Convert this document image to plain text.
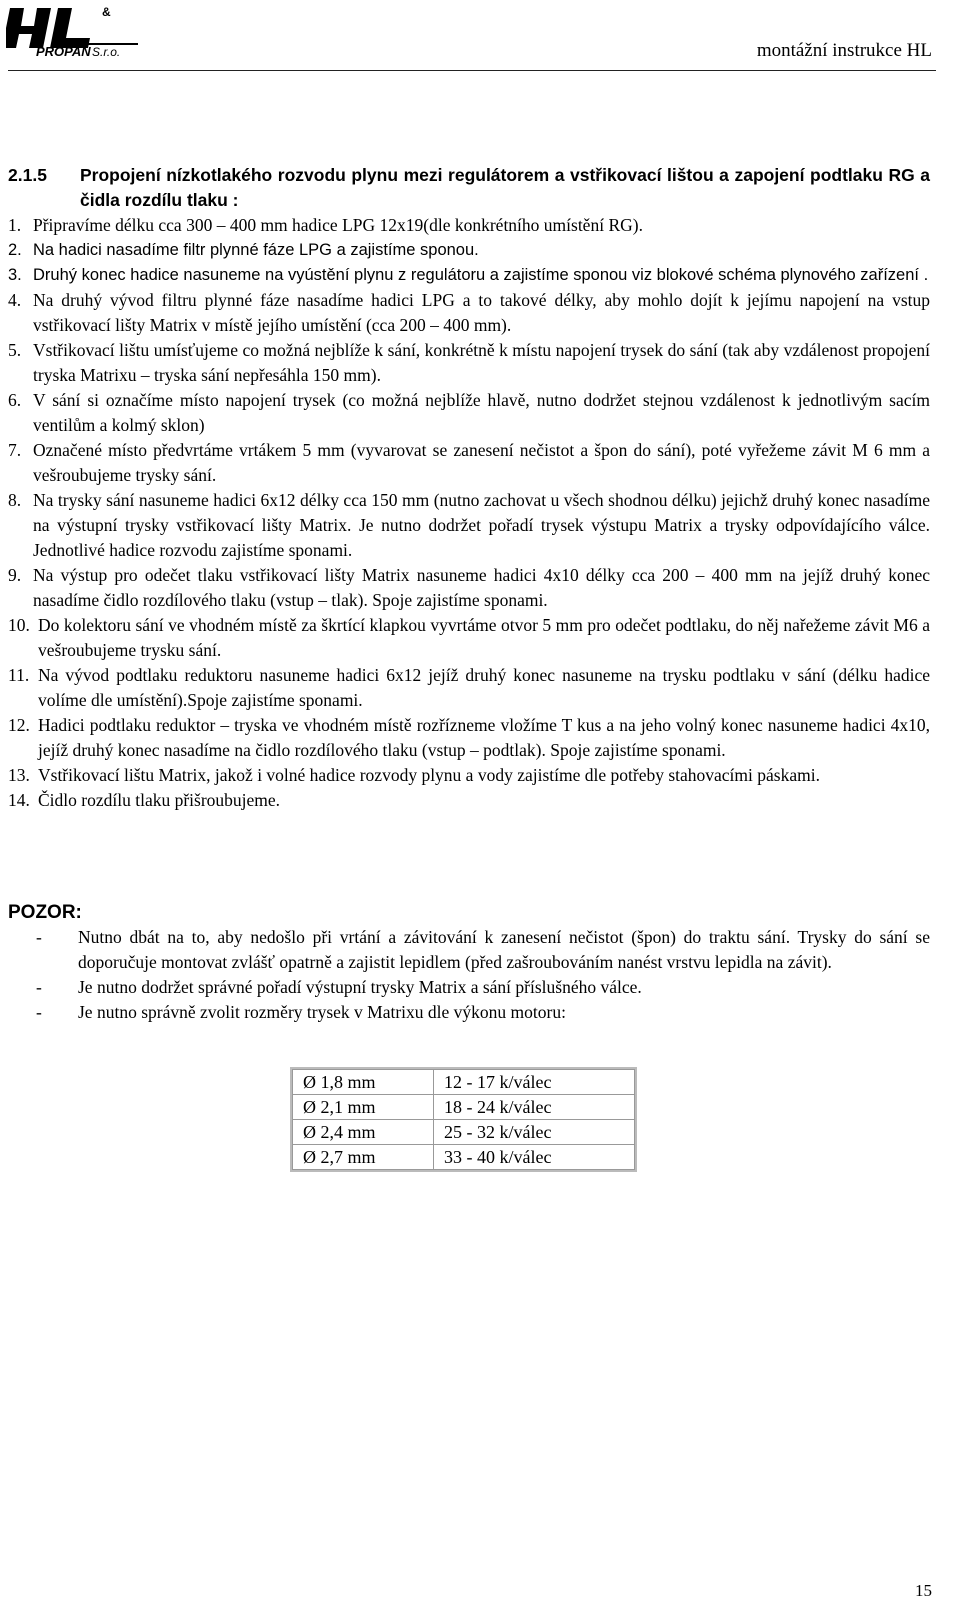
&
PROPAN S.r.o.	montážní instrukce HL
2.1.5 Propojení nízkotlakého rozvodu plynu mezi regulátorem a vstřikovací lištou a zapojení podtlaku RG a čidla rozdílu tlaku :
1. Připravíme délku cca 300 – 400 mm hadice LPG 12x19(dle konkrétního umístění RG).
2. Na hadici nasadíme filtr plynné fáze LPG a zajistíme sponou.
3. Druhý konec hadice nasuneme na vyústění plynu z regulátoru a zajistíme sponou viz blokové schéma plynového zařízení .
4. Na druhý vývod filtru plynné fáze nasadíme hadici LPG a to takové délky, aby mohlo dojít k jejímu napojení na vstup vstřikovací lišty Matrix v místě jejího umístění (cca 200 – 400 mm).
5. Vstřikovací lištu umísťujeme co možná nejblíže k sání, konkrétně k místu napojení trysek do sání (tak aby vzdálenost propojení tryska Matrixu – tryska sání nepřesáhla 150 mm).
6. V sání si označíme místo napojení trysek (co možná nejblíže hlavě, nutno dodržet stejnou vzdálenost k jednotlivým sacím ventilům a kolmý sklon)
7. Označené místo předvrtáme vrtákem 5 mm (vyvarovat se zanesení nečistot a špon do sání), poté vyřežeme závit M 6 mm a vešroubujeme trysky sání.
8. Na trysky sání nasuneme hadici 6x12 délky cca 150 mm (nutno zachovat u všech shodnou délku) jejichž druhý konec nasadíme na výstupní trysky vstřikovací lišty Matrix. Je nutno dodržet pořadí trysek výstupu Matrix a trysky odpovídajícího válce. Jednotlivé hadice rozvodu zajistíme sponami.
9. Na výstup pro odečet tlaku vstřikovací lišty Matrix nasuneme hadici 4x10 délky cca 200 – 400 mm na jejíž druhý konec nasadíme čidlo rozdílového tlaku (vstup – tlak). Spoje zajistíme sponami.
10. Do kolektoru sání ve vhodném místě za škrtící klapkou vyvrtáme otvor 5 mm pro odečet podtlaku, do něj nařežeme závit M6 a vešroubujeme trysku sání.
11. Na vývod podtlaku reduktoru nasuneme hadici 6x12 jejíž druhý konec nasuneme na trysku podtlaku v sání (délku hadice volíme dle umístění).Spoje zajistíme sponami.
12. Hadici podtlaku reduktor – tryska ve vhodném místě rozřízneme vložíme T kus a na jeho volný konec nasuneme hadici 4x10, jejíž druhý konec nasadíme na čidlo rozdílového tlaku (vstup – podtlak). Spoje zajistíme sponami.
13. Vstřikovací lištu Matrix, jakož i volné hadice rozvody plynu a vody zajistíme dle potřeby stahovacími páskami.
14. Čidlo rozdílu tlaku přišroubujeme.
POZOR:
-	Nutno dbát na to, aby nedošlo při vrtání a závitování k zanesení nečistot (špon) do traktu sání. Trysky do sání se doporučuje montovat zvlášť opatrně a zajistit lepidlem (před zašroubováním nanést vrstvu lepidla na závit).
-	Je nutno dodržet správné pořadí výstupní trysky Matrix a sání příslušného válce.
-	Je nutno správně zvolit rozměry trysek v Matrixu dle výkonu motoru:
Ø 1,8 mm	12 - 17 k/válec
Ø 2,1 mm	18 - 24 k/válec
Ø 2,4 mm	25 - 32 k/válec
Ø 2,7 mm	33 - 40 k/válec
15
